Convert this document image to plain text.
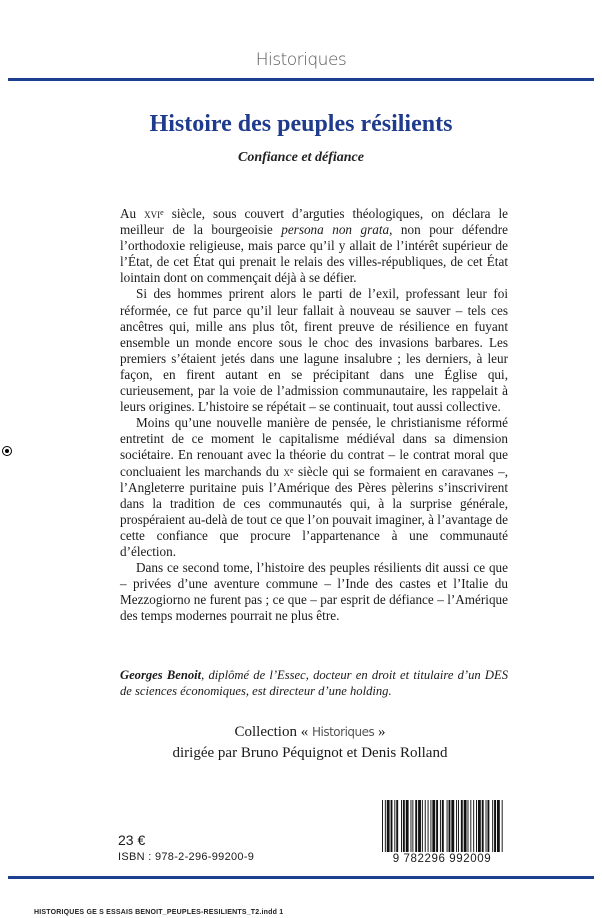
Historiques
Histoire des peuples résilients
Confiance et défiance

Au xvi$^e$ siècle, sous couvert d’arguties théologiques, on déclara le meilleur de la bourgeoisie persona non grata, non pour défendre l’orthodoxie religieuse, mais parce qu’il y allait de l’intérêt supérieur de l’État, de cet État qui prenait le relais des villes-républiques, de cet État lointain dont on commençait déjà à se défier.

Si des hommes prirent alors le parti de l’exil, professant leur foi réformée, ce fut parce qu’il leur fallait à nouveau se sauver – tels ces ancêtres qui, mille ans plus tôt, firent preuve de résilience en fuyant ensemble un monde encore sous le choc des invasions barbares. Les premiers s’étaient jetés dans une lagune insalubre ; les derniers, à leur façon, en firent autant en se précipitant dans une Église qui, curieusement, par la voie de l’admission communautaire, les rappelait à leurs origines. L’histoire se répétait – se continuait, tout aussi collective.

Moins qu’une nouvelle manière de pensée, le christianisme réformé entretint de ce moment le capitalisme médiéval dans sa dimension sociétaire. En renouant avec la théorie du contrat – le contrat moral que concluaient les marchands du $x^e$ siècle qui se formaient en caravanes –, l’Angleterre puritaine puis l’Amérique des Pères pèlerins s’inscrivirent dans la tradition de ces communautés qui, à la surprise générale, prospéraient au-delà de tout ce que l’on pouvait imaginer, à l’avantage de cette confiance que procure l’appartenance à une communauté d’élection.

Dans ce second tome, l’histoire des peuples résilients dit aussi ce que – privées d’une aventure commune – l’Inde des castes et l’Italie du Mezzogiorno ne furent pas ; ce que – par esprit de défiance – l’Amérique des temps modernes pourrait ne plus être.

Georges Benoit, diplômé de l’Essec, docteur en droit et titulaire d’un DES de sciences économiques, est directeur d’une holding.
Collection « Historiques »
dirigée par Bruno Péquignot et Denis Rolland
23 €
ISBN : 978-2-296-99200-9	9 782296 992009
HISTORIQUES GE S ESSAIS BENOIT_PEUPLES-RESILIENTS_T2.indd 1
